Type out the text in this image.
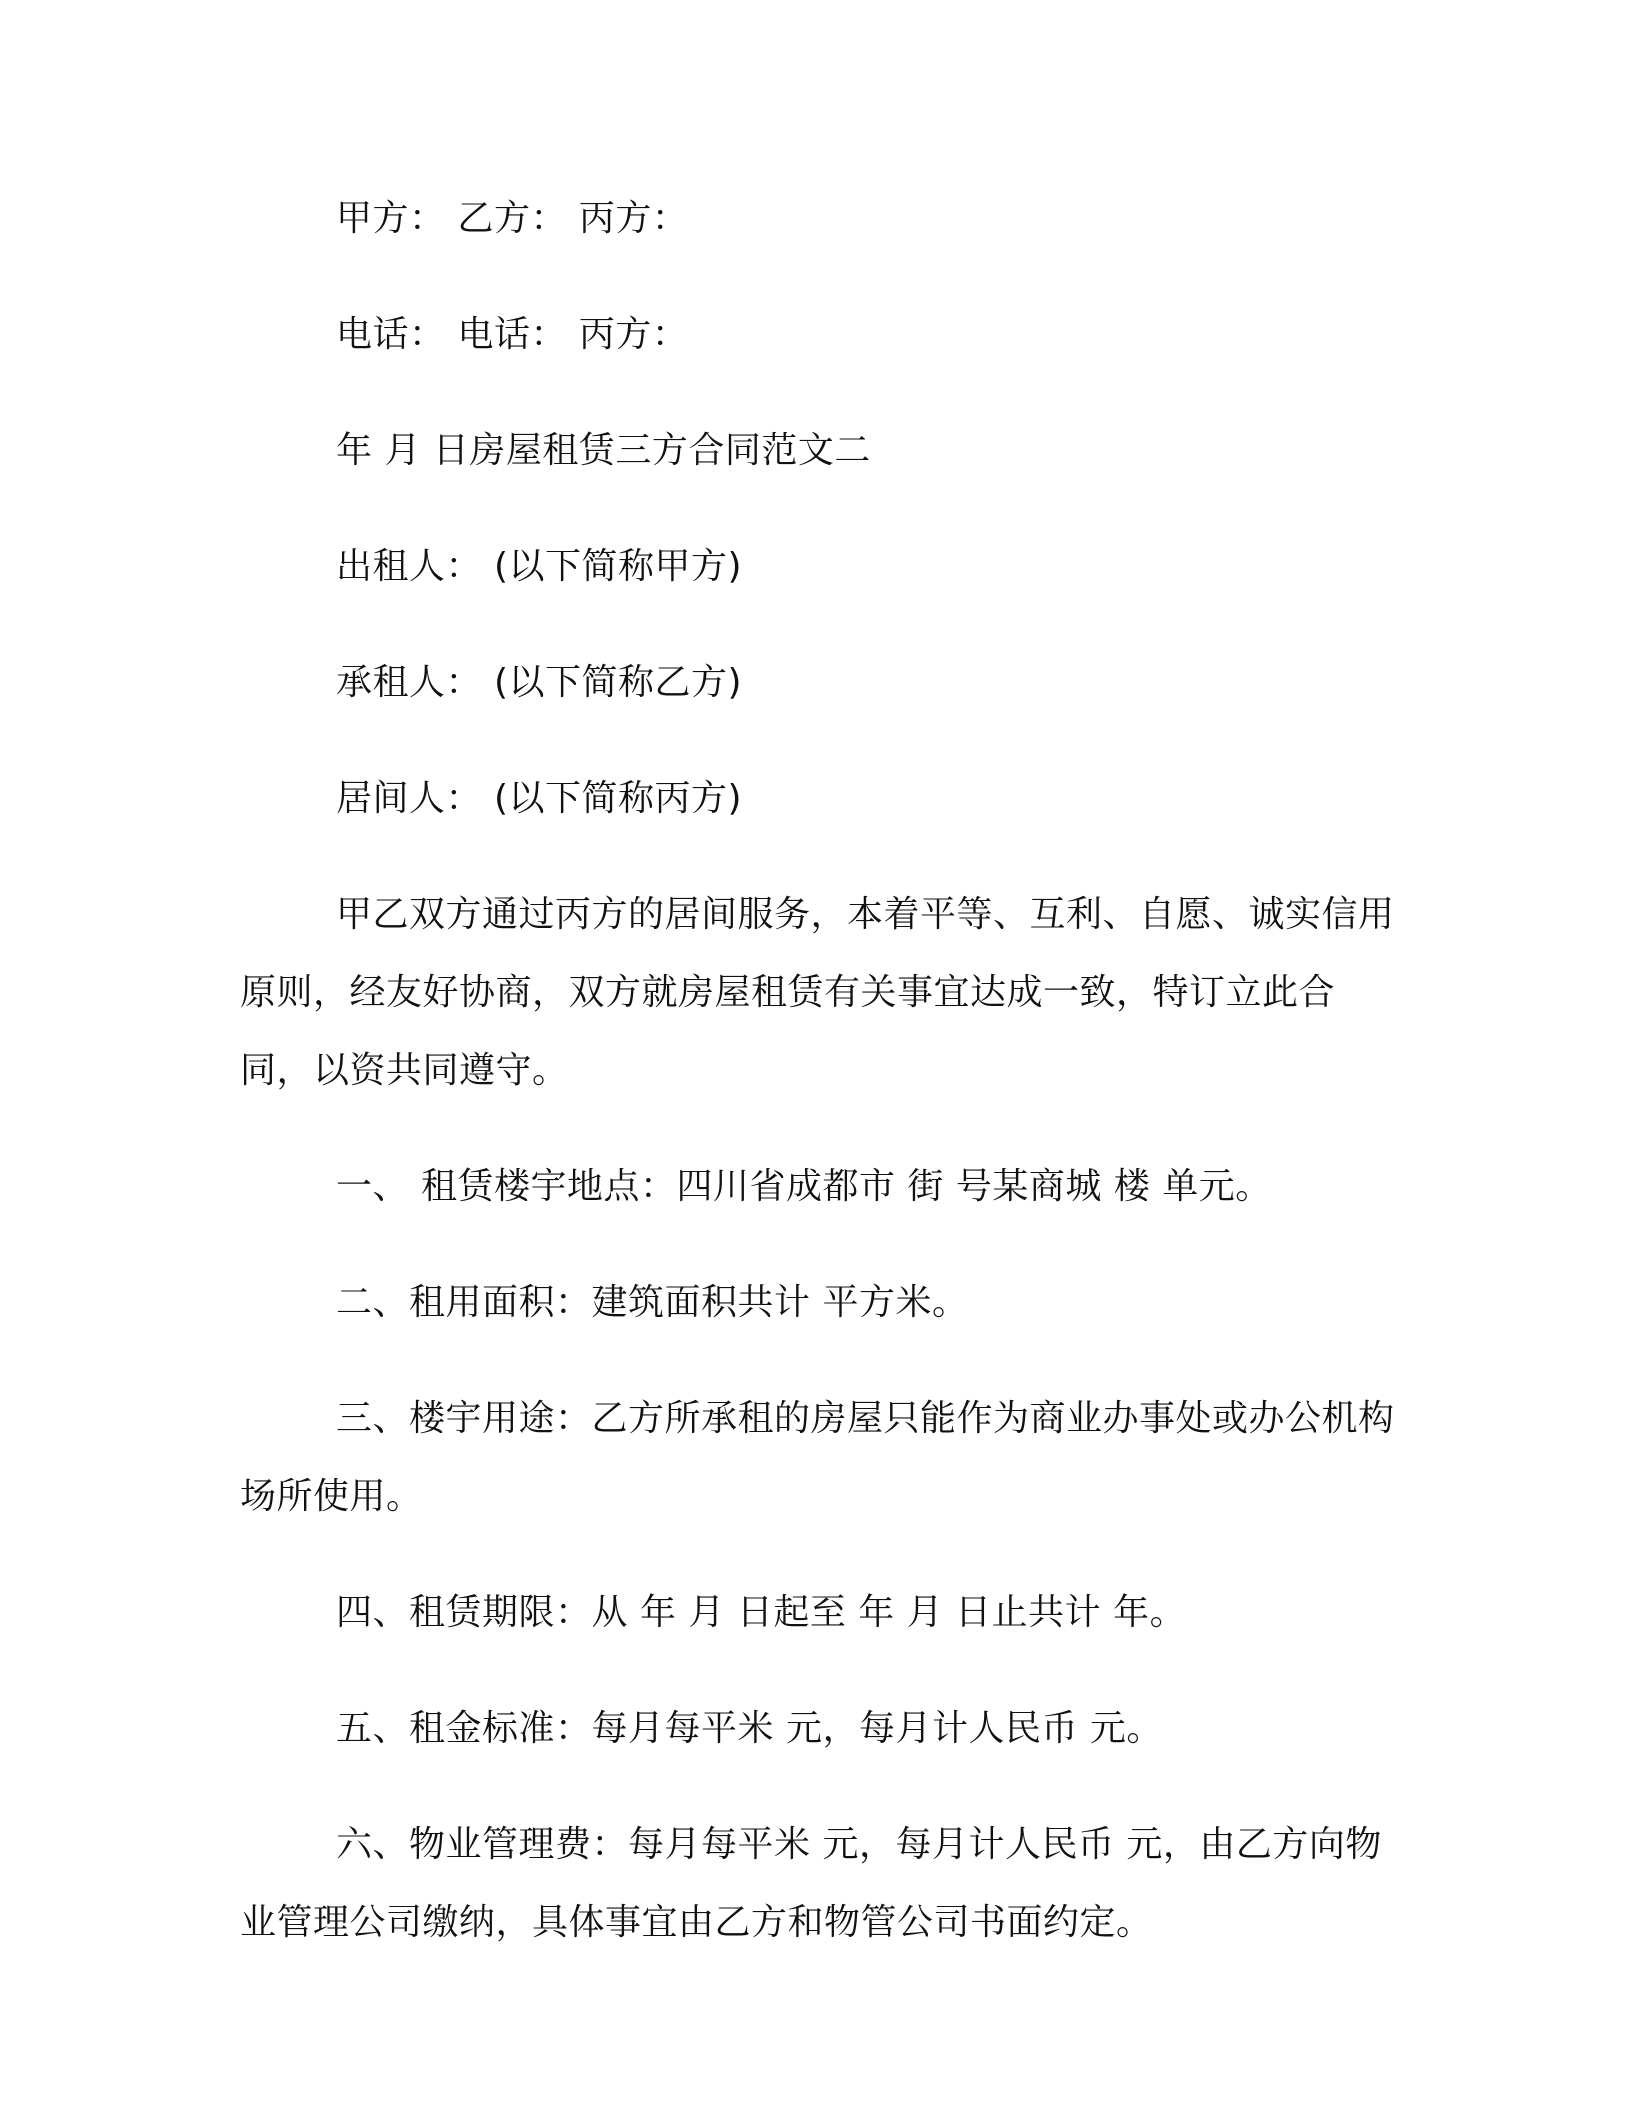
甲方： 乙方： 丙方：

电话： 电话： 丙方：

年 月 日房屋租赁三方合同范文二

出租人： (以下简称甲方)

承租人： (以下简称乙方)

居间人： (以下简称丙方)

甲乙双方通过丙方的居间服务，本着平等、互利、自愿、诚实信用原则，经友好协商，双方就房屋租赁有关事宜达成一致，特订立此合同，以资共同遵守。

一、 租赁楼宇地点：四川省成都市 街 号某商城 楼 单元。

二、租用面积：建筑面积共计 平方米。

三、楼宇用途：乙方所承租的房屋只能作为商业办事处或办公机构场所使用。

四、租赁期限：从 年 月 日起至 年 月 日止共计 年。

五、租金标准：每月每平米 元，每月计人民币 元。

六、物业管理费：每月每平米 元，每月计人民币 元，由乙方向物业管理公司缴纳，具体事宜由乙方和物管公司书面约定。
